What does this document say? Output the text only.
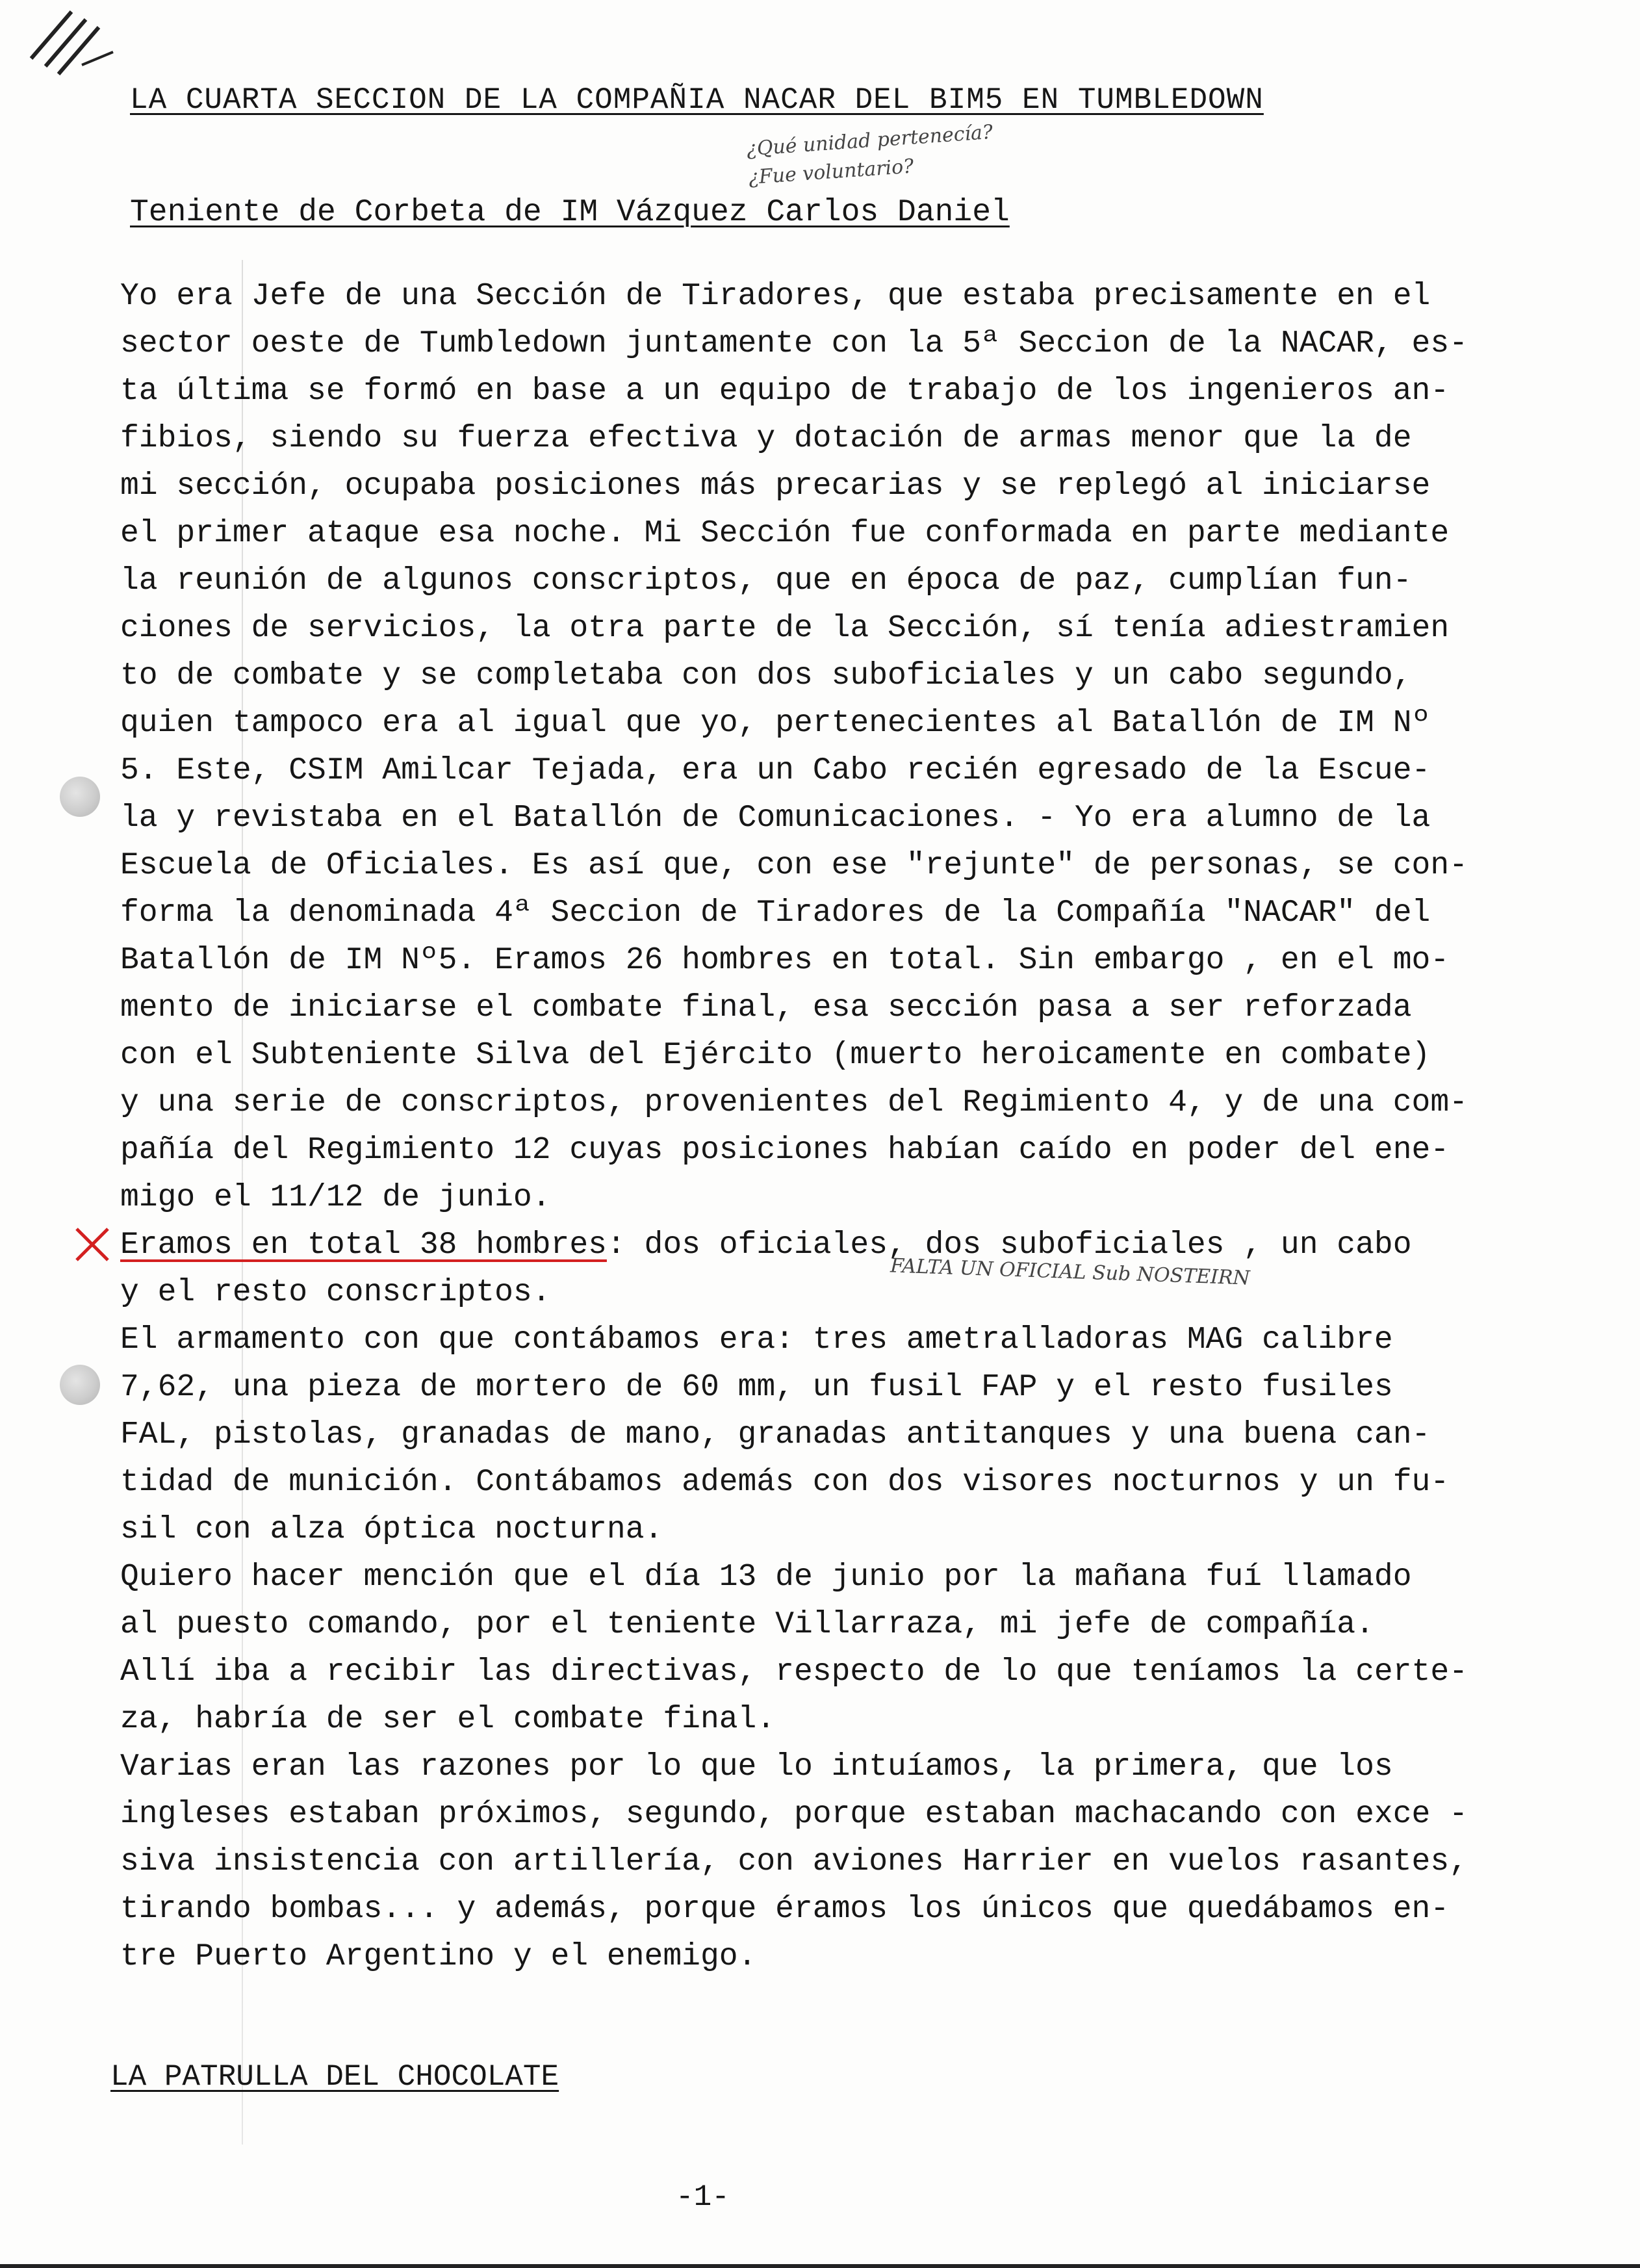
LA CUARTA SECCION DE LA COMPAÑIA NACAR DEL BIM5 EN TUMBLEDOWN
¿Qué unidad pertenecía?
¿Fue voluntario?
Teniente de Corbeta de IM Vázquez Carlos Daniel
Yo era Jefe de una Sección de Tiradores, que estaba precisamente en el
sector oeste de Tumbledown juntamente con la 5ª Seccion de la NACAR, es-
ta última se formó en base a un equipo de trabajo de los ingenieros an-
fibios, siendo su fuerza efectiva y dotación de armas menor que la de
mi sección, ocupaba posiciones más precarias y se replegó al iniciarse
el primer ataque esa noche. Mi Sección fue conformada en parte mediante
la reunión de algunos conscriptos, que en época de paz, cumplían fun-
ciones de servicios, la otra parte de la Sección, sí tenía adiestramien
to de combate y se completaba con dos suboficiales y un cabo segundo,
quien tampoco era al igual que yo, pertenecientes al Batallón de IM Nº
5. Este, CSIM Amilcar Tejada, era un Cabo recién egresado de la Escue-
la y revistaba en el Batallón de Comunicaciones. - Yo era alumno de la
Escuela de Oficiales. Es así que, con ese "rejunte" de personas, se con-
forma la denominada 4ª Seccion de Tiradores de la Compañía "NACAR" del
Batallón de IM Nº5. Eramos 26 hombres en total. Sin embargo , en el mo-
mento de iniciarse el combate final, esa sección pasa a ser reforzada
con el Subteniente Silva del Ejército (muerto heroicamente en combate)
y una serie de conscriptos, provenientes del Regimiento 4, y de una com-
pañía del Regimiento 12 cuyas posiciones habían caído en poder del ene-
migo el 11/12 de junio.
Eramos en total 38 hombres: dos oficiales, dos suboficiales , un cabo
y el resto conscriptos.
El armamento con que contábamos era: tres ametralladoras MAG calibre
7,62, una pieza de mortero de 60 mm, un fusil FAP y el resto fusiles
FAL, pistolas, granadas de mano, granadas antitanques y una buena can-
tidad de munición. Contábamos además con dos visores nocturnos y un fu-
sil con alza óptica nocturna.
Quiero hacer mención que el día 13 de junio por la mañana fuí llamado
al puesto comando, por el teniente Villarraza, mi jefe de compañía.
Allí iba a recibir las directivas, respecto de lo que teníamos la certe-
za, habría de ser el combate final.
Varias eran las razones por lo que lo intuíamos, la primera, que los
ingleses estaban próximos, segundo, porque estaban machacando con exce -
siva insistencia con artillería, con aviones Harrier en vuelos rasantes,
tirando bombas... y además, porque éramos los únicos que quedábamos en-
tre Puerto Argentino y el enemigo.
FALTA UN OFICIAL Sub NOSTEIRN
LA PATRULLA DEL CHOCOLATE
-1-
